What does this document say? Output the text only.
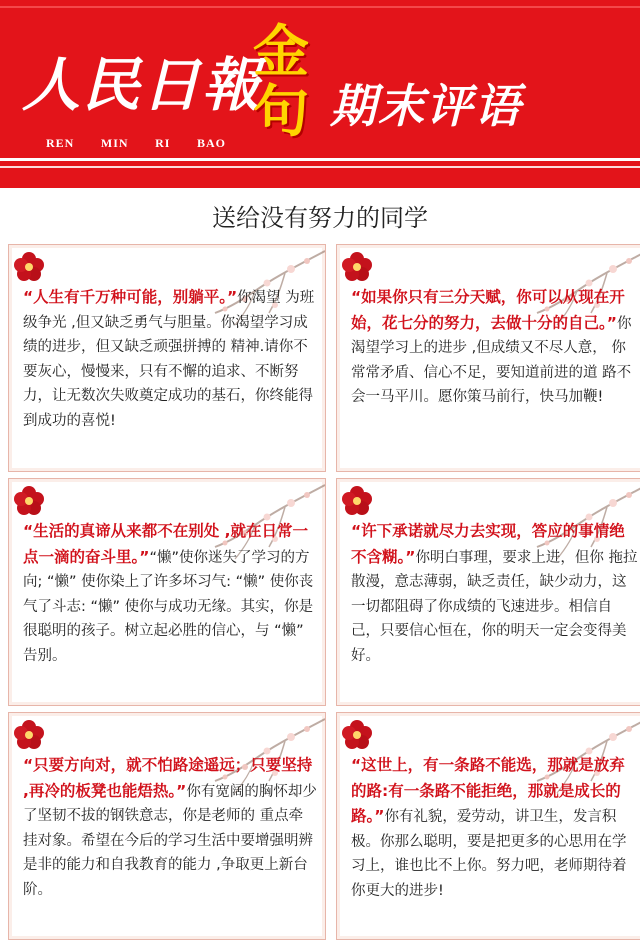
人民日報
REN MIN RI BAO
金
句 期末评语
送给没有努力的同学
“人生有千万种可能，别躺平。”你渴望 为班级争光 ,但又缺乏勇气与胆量。你渴望学习成绩的进步，但又缺乏顽强拼搏的 精神.请你不要灰心，慢慢来，只有不懈的追求、不断努力，让无数次失败奠定成功的基石，你终能得到成功的喜悦!
“如果你只有三分天赋，你可以从现在开始，花七分的努力，去做十分的自己。”你渴望学习上的进步 ,但成绩又不尽人意， 你常常矛盾、信心不足，要知道前进的道 路不会一马平川。愿你策马前行，快马加鞭!
“生活的真谛从来都不在别处 ,就在日常一点一滴的奋斗里。”“懒”使你迷失了学习的方向; “懒” 使你染上了许多坏习气: “懒” 使你丧气了斗志: “懒” 使你与成功无缘。其实，你是很聪明的孩子。树立起必胜的信心，与 “懒” 告别。
“许下承诺就尽力去实现，答应的事情绝不含糊。”你明白事理，要求上进，但你 拖拉散漫，意志薄弱，缺乏责任，缺少动力，这一切都阻碍了你成绩的飞速进步。相信自己，只要信心恒在，你的明天一定会变得美好。
“只要方向对，就不怕路途遥远；只要坚持 ,再冷的板凳也能焐热。”你有宽阔的胸怀却少了坚韧不拔的钢铁意志，你是老师的 重点牵挂对象。希望在今后的学习生活中要增强明辨是非的能力和自我教育的能力 ,争取更上新台阶。
“这世上，有一条路不能选，那就是放弃的路:有一条路不能拒绝，那就是成长的路。”你有礼貌，爱劳动，讲卫生，发言积极。你那么聪明，要是把更多的心思用在学习上，谁也比不上你。努力吧，老师期待着你更大的进步!
